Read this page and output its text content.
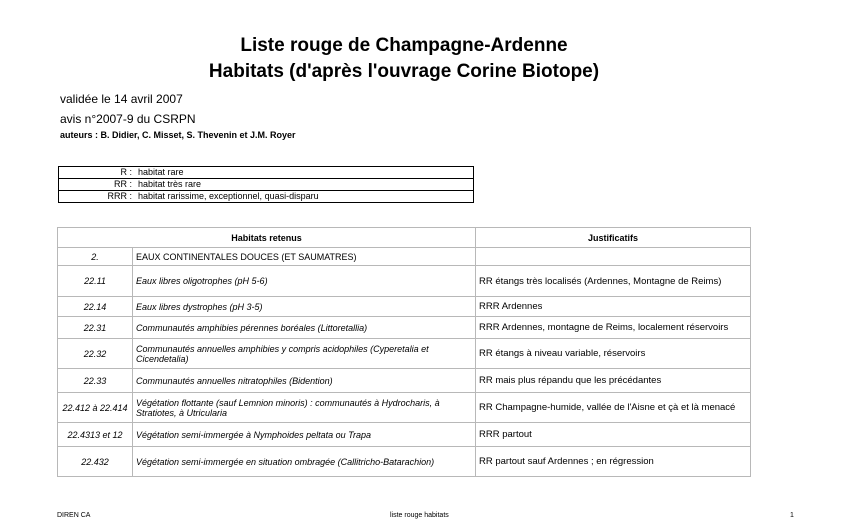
Liste rouge de Champagne-Ardenne
Habitats (d'après l'ouvrage Corine Biotope)
validée le 14 avril 2007
avis n°2007-9 du CSRPN
auteurs : B. Didier, C. Misset, S. Thevenin et J.M. Royer
R :	habitat rare
RR :	habitat très rare
RRR :	habitat rarissime, exceptionnel, quasi-disparu
Habitats retenus		Justificatifs
2.	EAUX CONTINENTALES DOUCES (ET SAUMATRES)	
22.11	Eaux libres oligotrophes (pH 5-6)	RR étangs très localisés (Ardennes, Montagne de Reims)
22.14	Eaux libres dystrophes (pH 3-5)	RRR Ardennes
22.31	Communautés amphibies pérennes boréales (Littoretallia)	RRR Ardennes, montagne de Reims, localement réservoirs
22.32	Communautés annuelles amphibies y compris acidophiles (Cyperetalia et Cicendetalia)	RR étangs à niveau variable, réservoirs
22.33	Communautés annuelles nitratophiles (Bidention)	RR mais plus répandu que les précédantes
22.412 à 22.414	Végétation flottante (sauf Lemnion minoris) : communautés à Hydrocharis, à Stratiotes, à Utricularia	RR Champagne-humide, vallée de l'Aisne et çà et là menacé
22.4313 et 12	Végétation semi-immergée à Nymphoides peltata ou Trapa	RRR partout
22.432	Végétation semi-immergée en situation ombragée (Callitricho-Batarachion)	RR partout sauf Ardennes ; en régression
DIREN CA	liste rouge habitats	1
